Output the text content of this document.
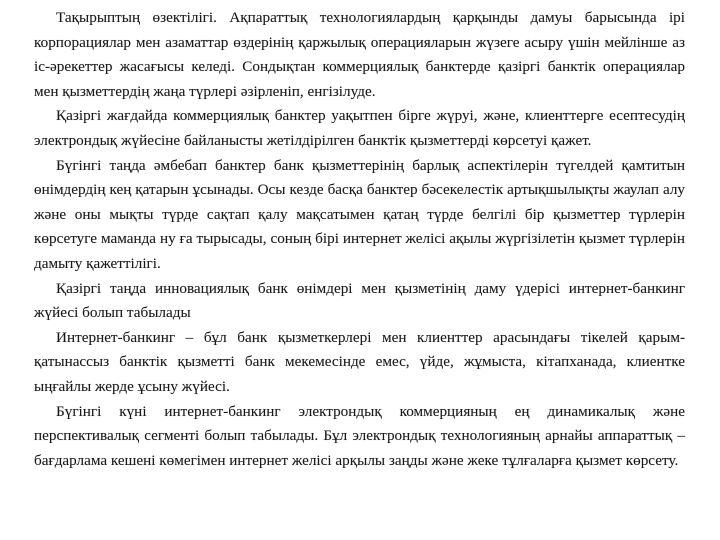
Тақырыптың өзектілігі. Ақпараттық технологиялардың қарқынды дамуы барысында ірі корпорациялар мен азаматтар өздерінің қаржылық операцияларын жүзеге асыру үшін мейлінше аз іс-әрекеттер жасағысы келеді. Сондықтан коммерциялық банктерде қазіргі банктік операциялар мен қызметтердің жаңа түрлері әзірленіп, енгізілуде.

Қазіргі жағдайда коммерциялық банктер уақытпен бірге жүруі, және, клиенттерге есептесудің электрондық жүйесіне байланысты жетілдірілген банктік қызметтерді көрсетуі қажет.

Бүгінгі таңда әмбебап банктер банк қызметтерінің барлық аспектілерін түгелдей қамтитын өнімдердің кең қатарын ұсынады. Осы кезде басқа банктер бәсекелестік артықшылықты жаулап алу және оны мықты түрде сақтап қалу мақсатымен қатаң түрде белгілі бір қызметтер түрлерін көрсетуге маманда ну ға тырысады, соның бірі интернет желісі ақылы жүргізілетін қызмет түрлерін дамыту қажеттілігі.

Қазіргі таңда инновациялық банк өнімдері мен қызметінің даму үдерісі интернет-банкинг жүйесі болып табылады

Интернет-банкинг – бұл банк қызметкерлері мен клиенттер арасындағы тікелей қарым-қатынассыз банктік қызметті банк мекемесінде емес, үйде, жұмыста, кітапханада, клиентке ыңғайлы жерде ұсыну жүйесі.

Бүгінгі күні интернет-банкинг электрондық коммерцияның ең динамикалық және перспективалық сегменті болып табылады. Бұл электрондық технологияның арнайы аппараттық – бағдарлама кешені көмегімен интернет желісі арқылы заңды және жеке тұлғаларға қызмет көрсету.
